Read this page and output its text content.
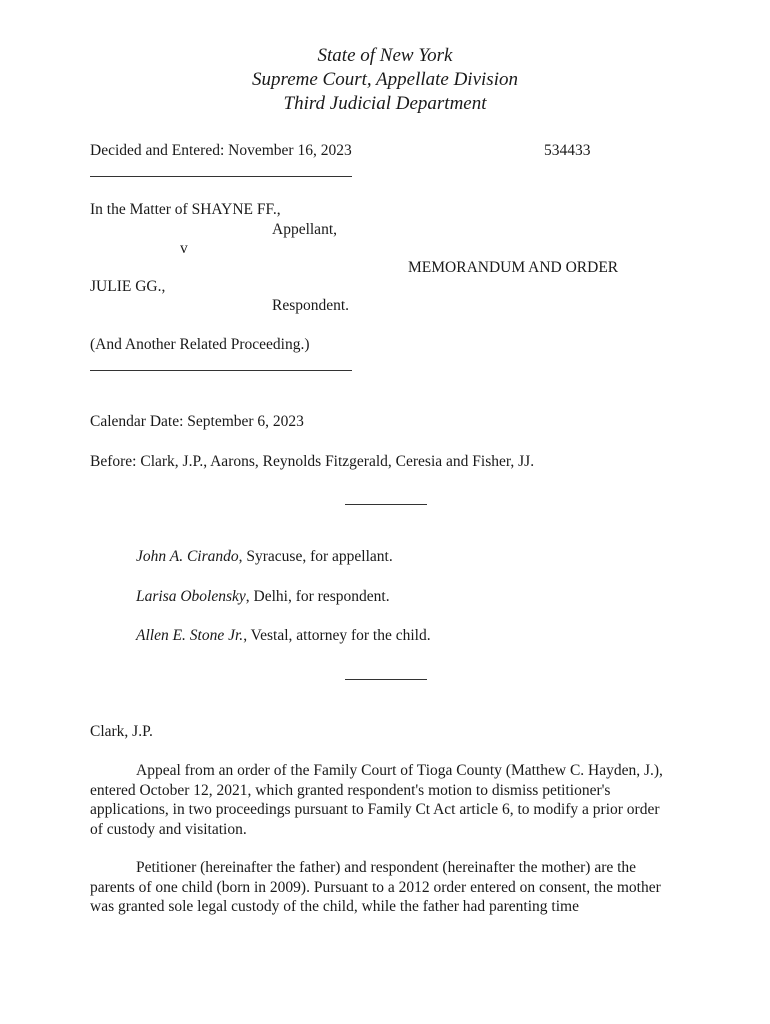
State of New York
Supreme Court, Appellate Division
Third Judicial Department
Decided and Entered: November 16, 2023	534433
In the Matter of SHAYNE FF.,
Appellant,
v
MEMORANDUM AND ORDER
JULIE GG.,
Respondent.
(And Another Related Proceeding.)
Calendar Date: September 6, 2023
Before: Clark, J.P., Aarons, Reynolds Fitzgerald, Ceresia and Fisher, JJ.
John A. Cirando, Syracuse, for appellant.
Larisa Obolensky, Delhi, for respondent.
Allen E. Stone Jr., Vestal, attorney for the child.
Clark, J.P.
Appeal from an order of the Family Court of Tioga County (Matthew C. Hayden, J.), entered October 12, 2021, which granted respondent's motion to dismiss petitioner's applications, in two proceedings pursuant to Family Ct Act article 6, to modify a prior order of custody and visitation.
Petitioner (hereinafter the father) and respondent (hereinafter the mother) are the parents of one child (born in 2009). Pursuant to a 2012 order entered on consent, the mother was granted sole legal custody of the child, while the father had parenting time
